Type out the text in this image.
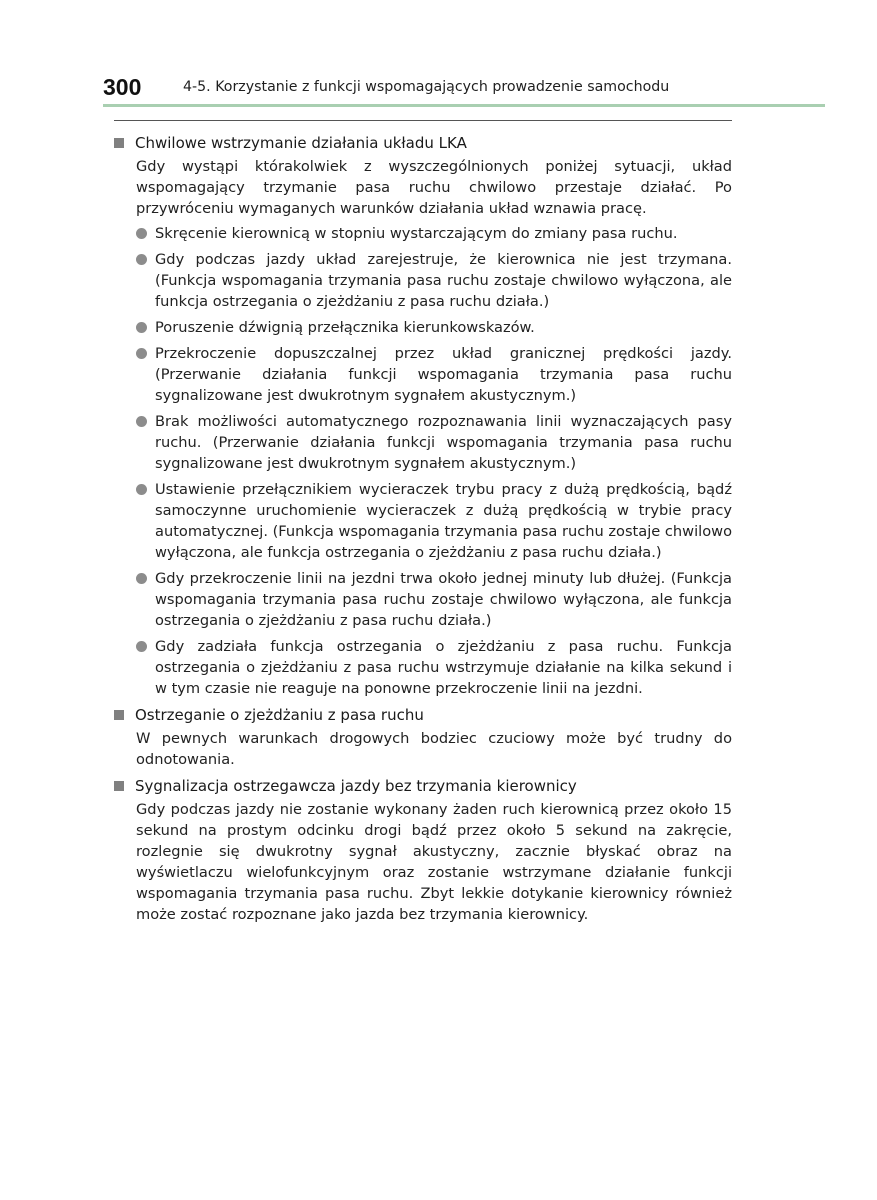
300	4-5. Korzystanie z funkcji wspomagających prowadzenie samochodu
Chwilowe wstrzymanie działania układu LKA
Gdy wystąpi którakolwiek z wyszczególnionych poniżej sytuacji, układ wspomagający trzymanie pasa ruchu chwilowo przestaje działać. Po przywróceniu wymaganych warunków działania układ wznawia pracę.
Skręcenie kierownicą w stopniu wystarczającym do zmiany pasa ruchu.
Gdy podczas jazdy układ zarejestruje, że kierownica nie jest trzymana. (Funkcja wspomagania trzymania pasa ruchu zostaje chwilowo wyłączona, ale funkcja ostrzegania o zjeżdżaniu z pasa ruchu działa.)
Poruszenie dźwignią przełącznika kierunkowskazów.
Przekroczenie dopuszczalnej przez układ granicznej prędkości jazdy. (Przerwanie działania funkcji wspomagania trzymania pasa ruchu sygnalizowane jest dwukrotnym sygnałem akustycznym.)
Brak możliwości automatycznego rozpoznawania linii wyznaczających pasy ruchu. (Przerwanie działania funkcji wspomagania trzymania pasa ruchu sygnalizowane jest dwukrotnym sygnałem akustycznym.)
Ustawienie przełącznikiem wycieraczek trybu pracy z dużą prędkością, bądź samoczynne uruchomienie wycieraczek z dużą prędkością w trybie pracy automatycznej. (Funkcja wspomagania trzymania pasa ruchu zostaje chwilowo wyłączona, ale funkcja ostrzegania o zjeżdżaniu z pasa ruchu działa.)
Gdy przekroczenie linii na jezdni trwa około jednej minuty lub dłużej. (Funkcja wspomagania trzymania pasa ruchu zostaje chwilowo wyłączona, ale funkcja ostrzegania o zjeżdżaniu z pasa ruchu działa.)
Gdy zadziała funkcja ostrzegania o zjeżdżaniu z pasa ruchu. Funkcja ostrzegania o zjeżdżaniu z pasa ruchu wstrzymuje działanie na kilka sekund i w tym czasie nie reaguje na ponowne przekroczenie linii na jezdni.
Ostrzeganie o zjeżdżaniu z pasa ruchu
W pewnych warunkach drogowych bodziec czuciowy może być trudny do odnotowania.
Sygnalizacja ostrzegawcza jazdy bez trzymania kierownicy
Gdy podczas jazdy nie zostanie wykonany żaden ruch kierownicą przez około 15 sekund na prostym odcinku drogi bądź przez około 5 sekund na zakręcie, rozlegnie się dwukrotny sygnał akustyczny, zacznie błyskać obraz na wyświetlaczu wielofunkcyjnym oraz zostanie wstrzymane działanie funkcji wspomagania trzymania pasa ruchu. Zbyt lekkie dotykanie kierownicy również może zostać rozpoznane jako jazda bez trzymania kierownicy.
